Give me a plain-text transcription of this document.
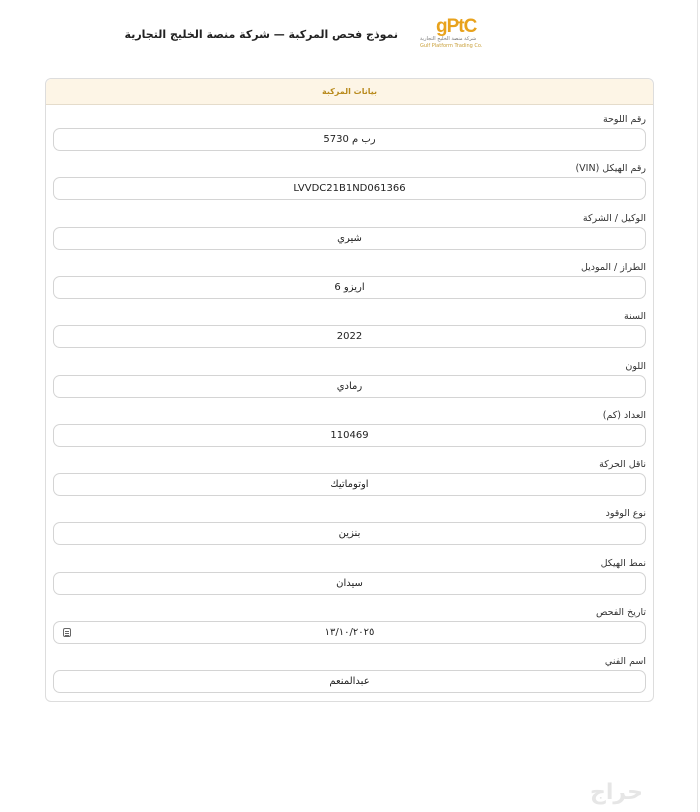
نموذج فحص المركبة — شركة منصة الخليج التجارية	gPtC
شركة منصة الخليج التجارية
Gulf Platform Trading Co.
بيانات المركبة
رقم اللوحة
رب م 5730
رقم الهيكل (VIN)
LVVDC21B1ND061366
الوكيل / الشركة
شيري
الطراز / الموديل
اريزو 6
السنة
2022
اللون
رمادي
العداد (كم)
110469
ناقل الحركة
اوتوماتيك
نوع الوقود
بنزين
نمط الهيكل
سيدان
تاريخ الفحص
١٣/١٠/٢٠٢٥
اسم الفني
عبدالمنعم
حراج
